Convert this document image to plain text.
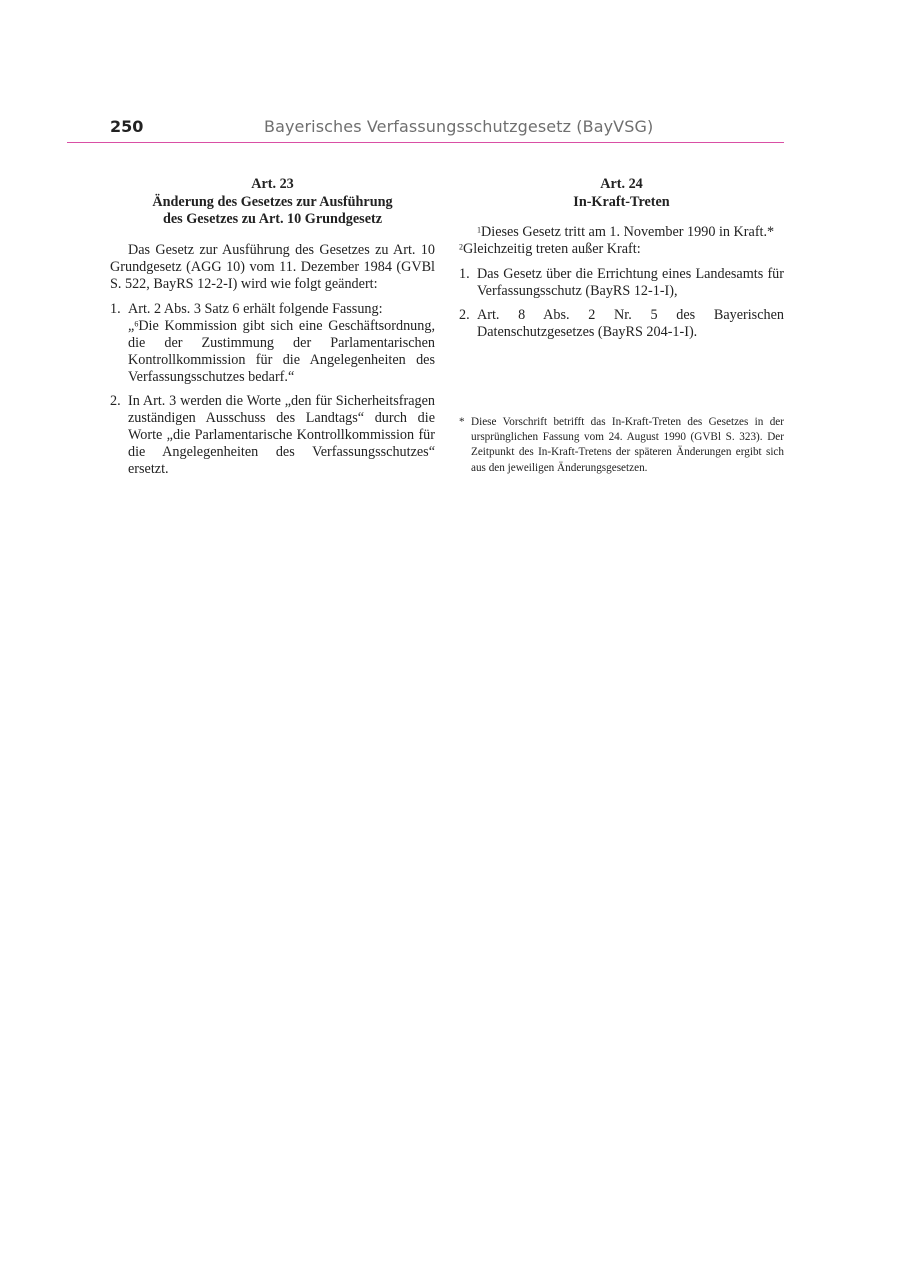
250	Bayerisches Verfassungsschutzgesetz (BayVSG)
Art. 23
Änderung des Gesetzes zur Ausführung
des Gesetzes zu Art. 10 Grundgesetz

Das Gesetz zur Ausführung des Gesetzes zu Art. 10 Grundgesetz (AGG 10) vom 11. Dezember 1984 (GVBl S. 522, BayRS 12-2-I) wird wie folgt geändert:

1. Art. 2 Abs. 3 Satz 6 erhält folgende Fassung:
„$^6$Die Kommission gibt sich eine Geschäftsordnung, die der Zustimmung der Parlamentarischen Kontrollkommission für die Angelegenheiten des Verfassungsschutzes bedarf.“
2. In Art. 3 werden die Worte „den für Sicherheitsfragen zuständigen Ausschuss des Landtags“ durch die Worte „die Parlamentarische Kontrollkommission für die Angelegenheiten des Verfassungsschutzes“ ersetzt.
Art. 24
In-Kraft-Treten

$^1$Dieses Gesetz tritt am 1. November 1990 in Kraft.*

$^2$Gleichzeitig treten außer Kraft:

1. Das Gesetz über die Errichtung eines Landesamts für Verfassungsschutz (BayRS 12-1-I),
2. Art. 8 Abs. 2 Nr. 5 des Bayerischen Datenschutzgesetzes (BayRS 204-1-I).
* Diese Vorschrift betrifft das In-Kraft-Treten des Gesetzes in der ursprünglichen Fassung vom 24. August 1990 (GVBl S. 323). Der Zeitpunkt des In-Kraft-Tretens der späteren Änderungen ergibt sich aus den jeweiligen Änderungsgesetzen.
